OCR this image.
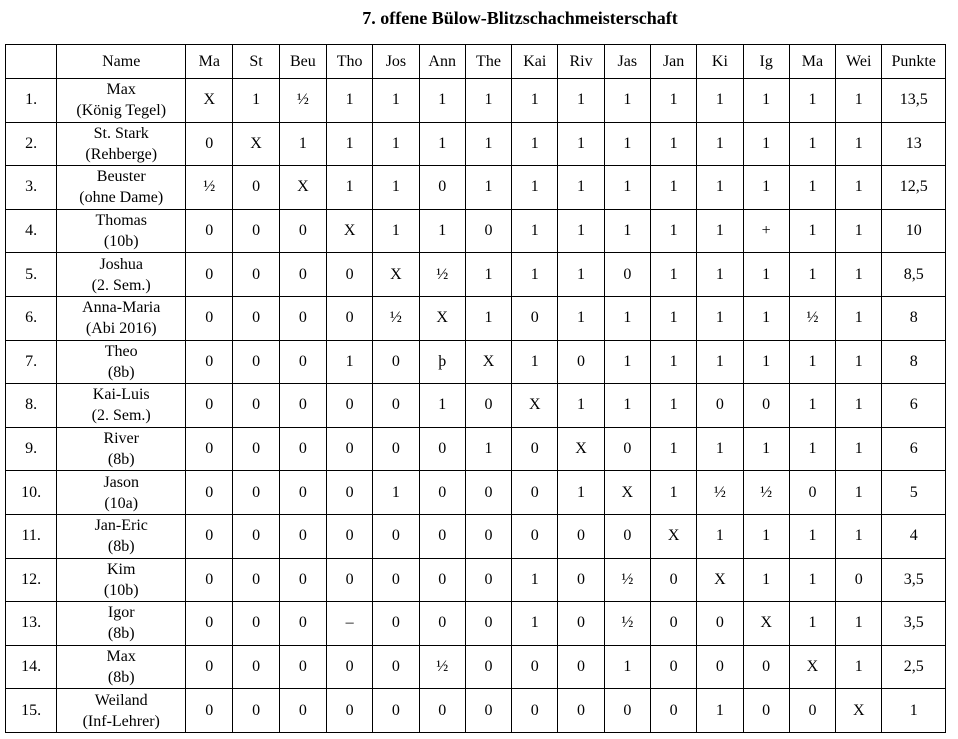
7. offene Bülow-Blitzschachmeisterschaft
	Name	Ma	St	Beu	Tho	Jos	Ann	The	Kai	Riv	Jas	Jan	Ki	Ig	Ma	Wei	Punkte
1.	Max
(König Tegel)	X	1	½	1	1	1	1	1	1	1	1	1	1	1	1	13,5
2.	St. Stark
(Rehberge)	0	X	1	1	1	1	1	1	1	1	1	1	1	1	1	13
3.	Beuster
(ohne Dame)	½	0	X	1	1	0	1	1	1	1	1	1	1	1	1	12,5
4.	Thomas
(10b)	0	0	0	X	1	1	0	1	1	1	1	1	+	1	1	10
5.	Joshua
(2. Sem.)	0	0	0	0	X	½	1	1	1	0	1	1	1	1	1	8,5
6.	Anna-Maria
(Abi 2016)	0	0	0	0	½	X	1	0	1	1	1	1	1	½	1	8
7.	Theo
(8b)	0	0	0	1	0	þ	X	1	0	1	1	1	1	1	1	8
8.	Kai-Luis
(2. Sem.)	0	0	0	0	0	1	0	X	1	1	1	0	0	1	1	6
9.	River
(8b)	0	0	0	0	0	0	1	0	X	0	1	1	1	1	1	6
10.	Jason
(10a)	0	0	0	0	1	0	0	0	1	X	1	½	½	0	1	5
11.	Jan-Eric
(8b)	0	0	0	0	0	0	0	0	0	0	X	1	1	1	1	4
12.	Kim
(10b)	0	0	0	0	0	0	0	1	0	½	0	X	1	1	0	3,5
13.	Igor
(8b)	0	0	0	–	0	0	0	1	0	½	0	0	X	1	1	3,5
14.	Max
(8b)	0	0	0	0	0	½	0	0	0	1	0	0	0	X	1	2,5
15.	Weiland
(Inf-Lehrer)	0	0	0	0	0	0	0	0	0	0	0	1	0	0	X	1
